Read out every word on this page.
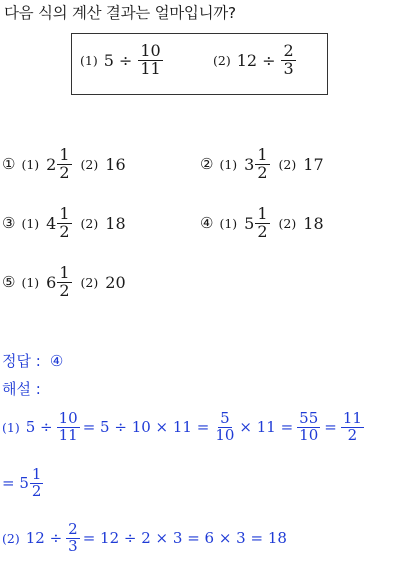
다음 식의 계산 결과는 얼마입니까?
(1) $5 \div \frac{10}{11}$	(2) $12 \div \frac{2}{3}$
① (1) $2 \frac{1}{2} (2)$ 16	② (1) $3 \frac{1}{2} (2)$ 17
③ (1) $4 \frac{1}{2} (2)$ 18	④ (1) $5 \frac{1}{2} (2)$ 18
⑤ (1) $6 \frac{1}{2} (2)$ 20
정답 : ④
해설 :
(1) $5 \div \frac{10}{11} = 5 \div 10 \times 11 = \frac{5}{10} \times 11 = \frac{55}{10} = \frac{11}{2}$
= $5 \frac{1}{2}$
(2) $12 \div \frac{2}{3} = 12 \div 2 \times 3 = 6 \times 3 = 18$
